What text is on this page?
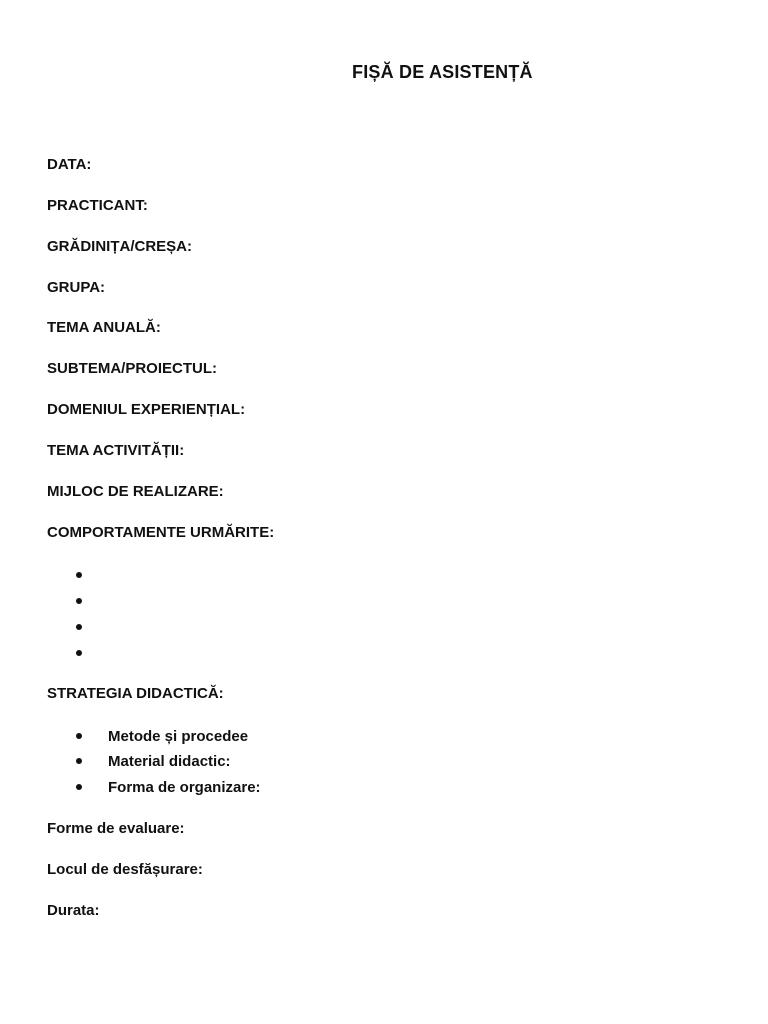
FIȘĂ DE ASISTENȚĂ
DATA:
PRACTICANT:
GRĂDINIȚA/CREȘA:
GRUPA:
TEMA ANUALĂ:
SUBTEMA/PROIECTUL:
DOMENIUL EXPERIENȚIAL:
TEMA ACTIVITĂȚII:
MIJLOC DE REALIZARE:
COMPORTAMENTE URMĂRITE:
STRATEGIA DIDACTICĂ:
Metode și procedee
Material didactic:
Forma de organizare:
Forme de evaluare:
Locul de desfășurare:
Durata:
